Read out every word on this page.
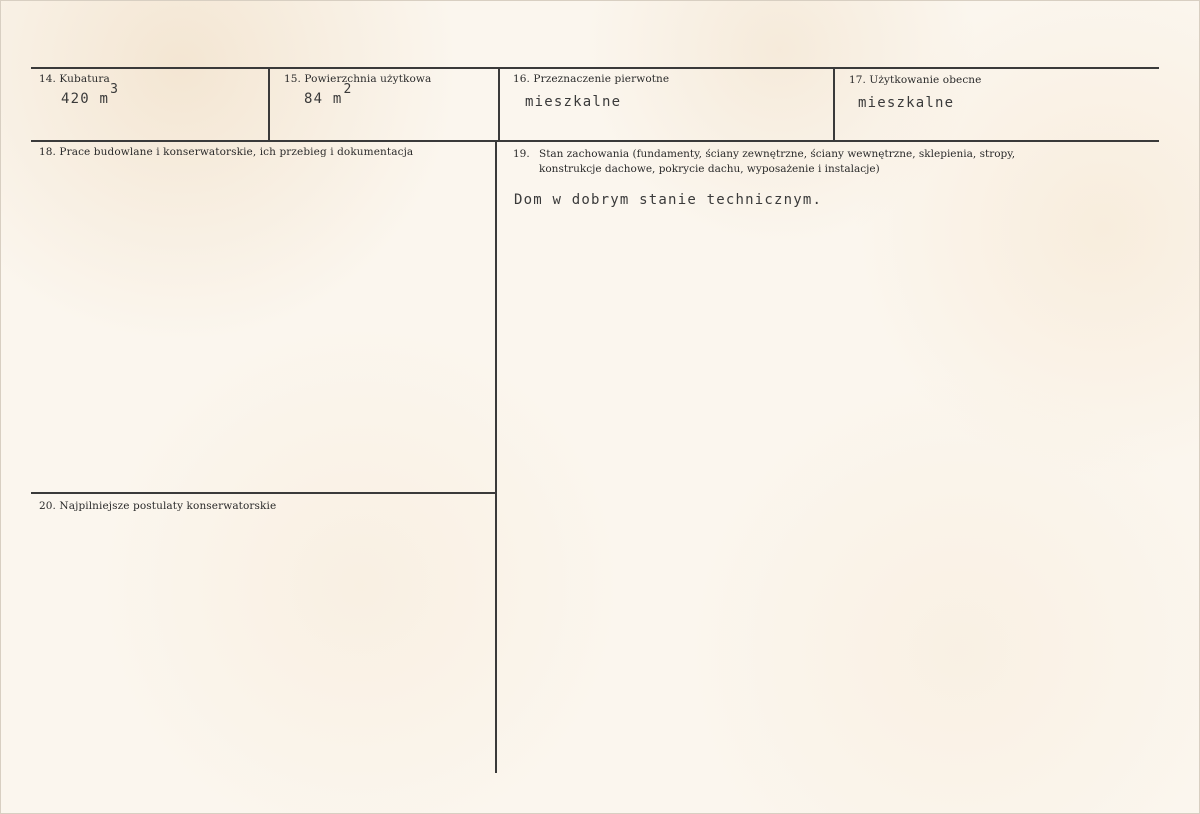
14. Kubatura
420 m3
15. Powierzchnia użytkowa
84 m2
16. Przeznaczenie pierwotne
mieszkalne
17. Użytkowanie obecne
mieszkalne
18. Prace budowlane i konserwatorskie, ich przebieg i dokumentacja	19. Stan zachowania (fundamenty, ściany zewnętrzne, ściany wewnętrzne, sklepienia, stropy,
konstrukcje dachowe, pokrycie dachu, wyposażenie i instalacje)
Dom w dobrym stanie technicznym.
20. Najpilniejsze postulaty konserwatorskie
